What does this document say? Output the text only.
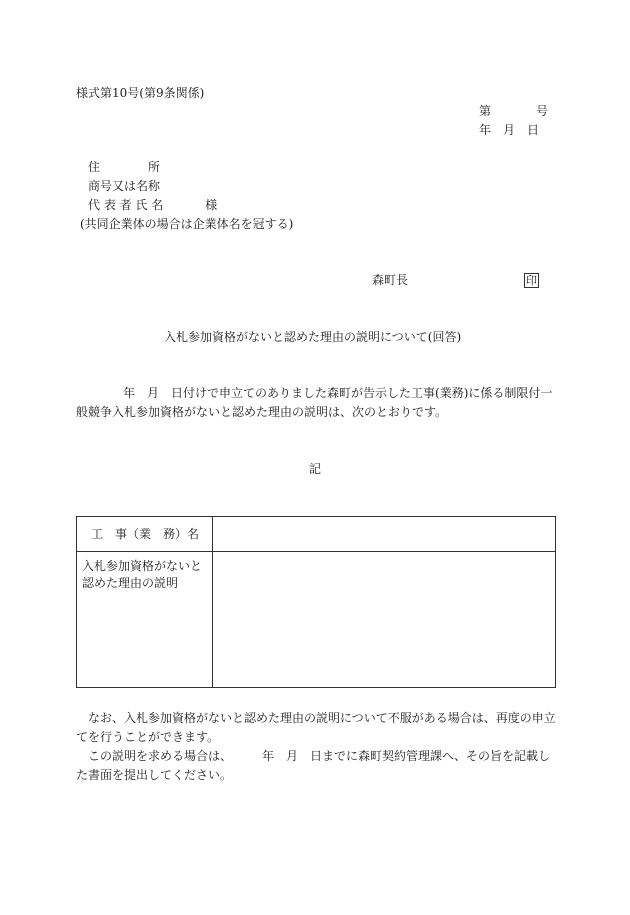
様式第10号(第9条関係)
第	号
年 月 日
住　　　　所
商号又は名称
代 表 者 氏 名	様
(共同企業体の場合は企業体名を冠する)
森町長	印
入札参加資格がないと認めた理由の説明について(回答)
年 月 日付けで申立てのありました森町が告示した工事(業務)に係る制限付一
般競争入札参加資格がないと認めた理由の説明は、次のとおりです。
記
工　事（業　務）名
入札参加資格がないと
認めた理由の説明
なお、入札参加資格がないと認めた理由の説明について不服がある場合は、再度の申立
てを行うことができます。
この説明を求める場合は、	年 月 日までに森町契約管理課へ、その旨を記載し
た書面を提出してください。
